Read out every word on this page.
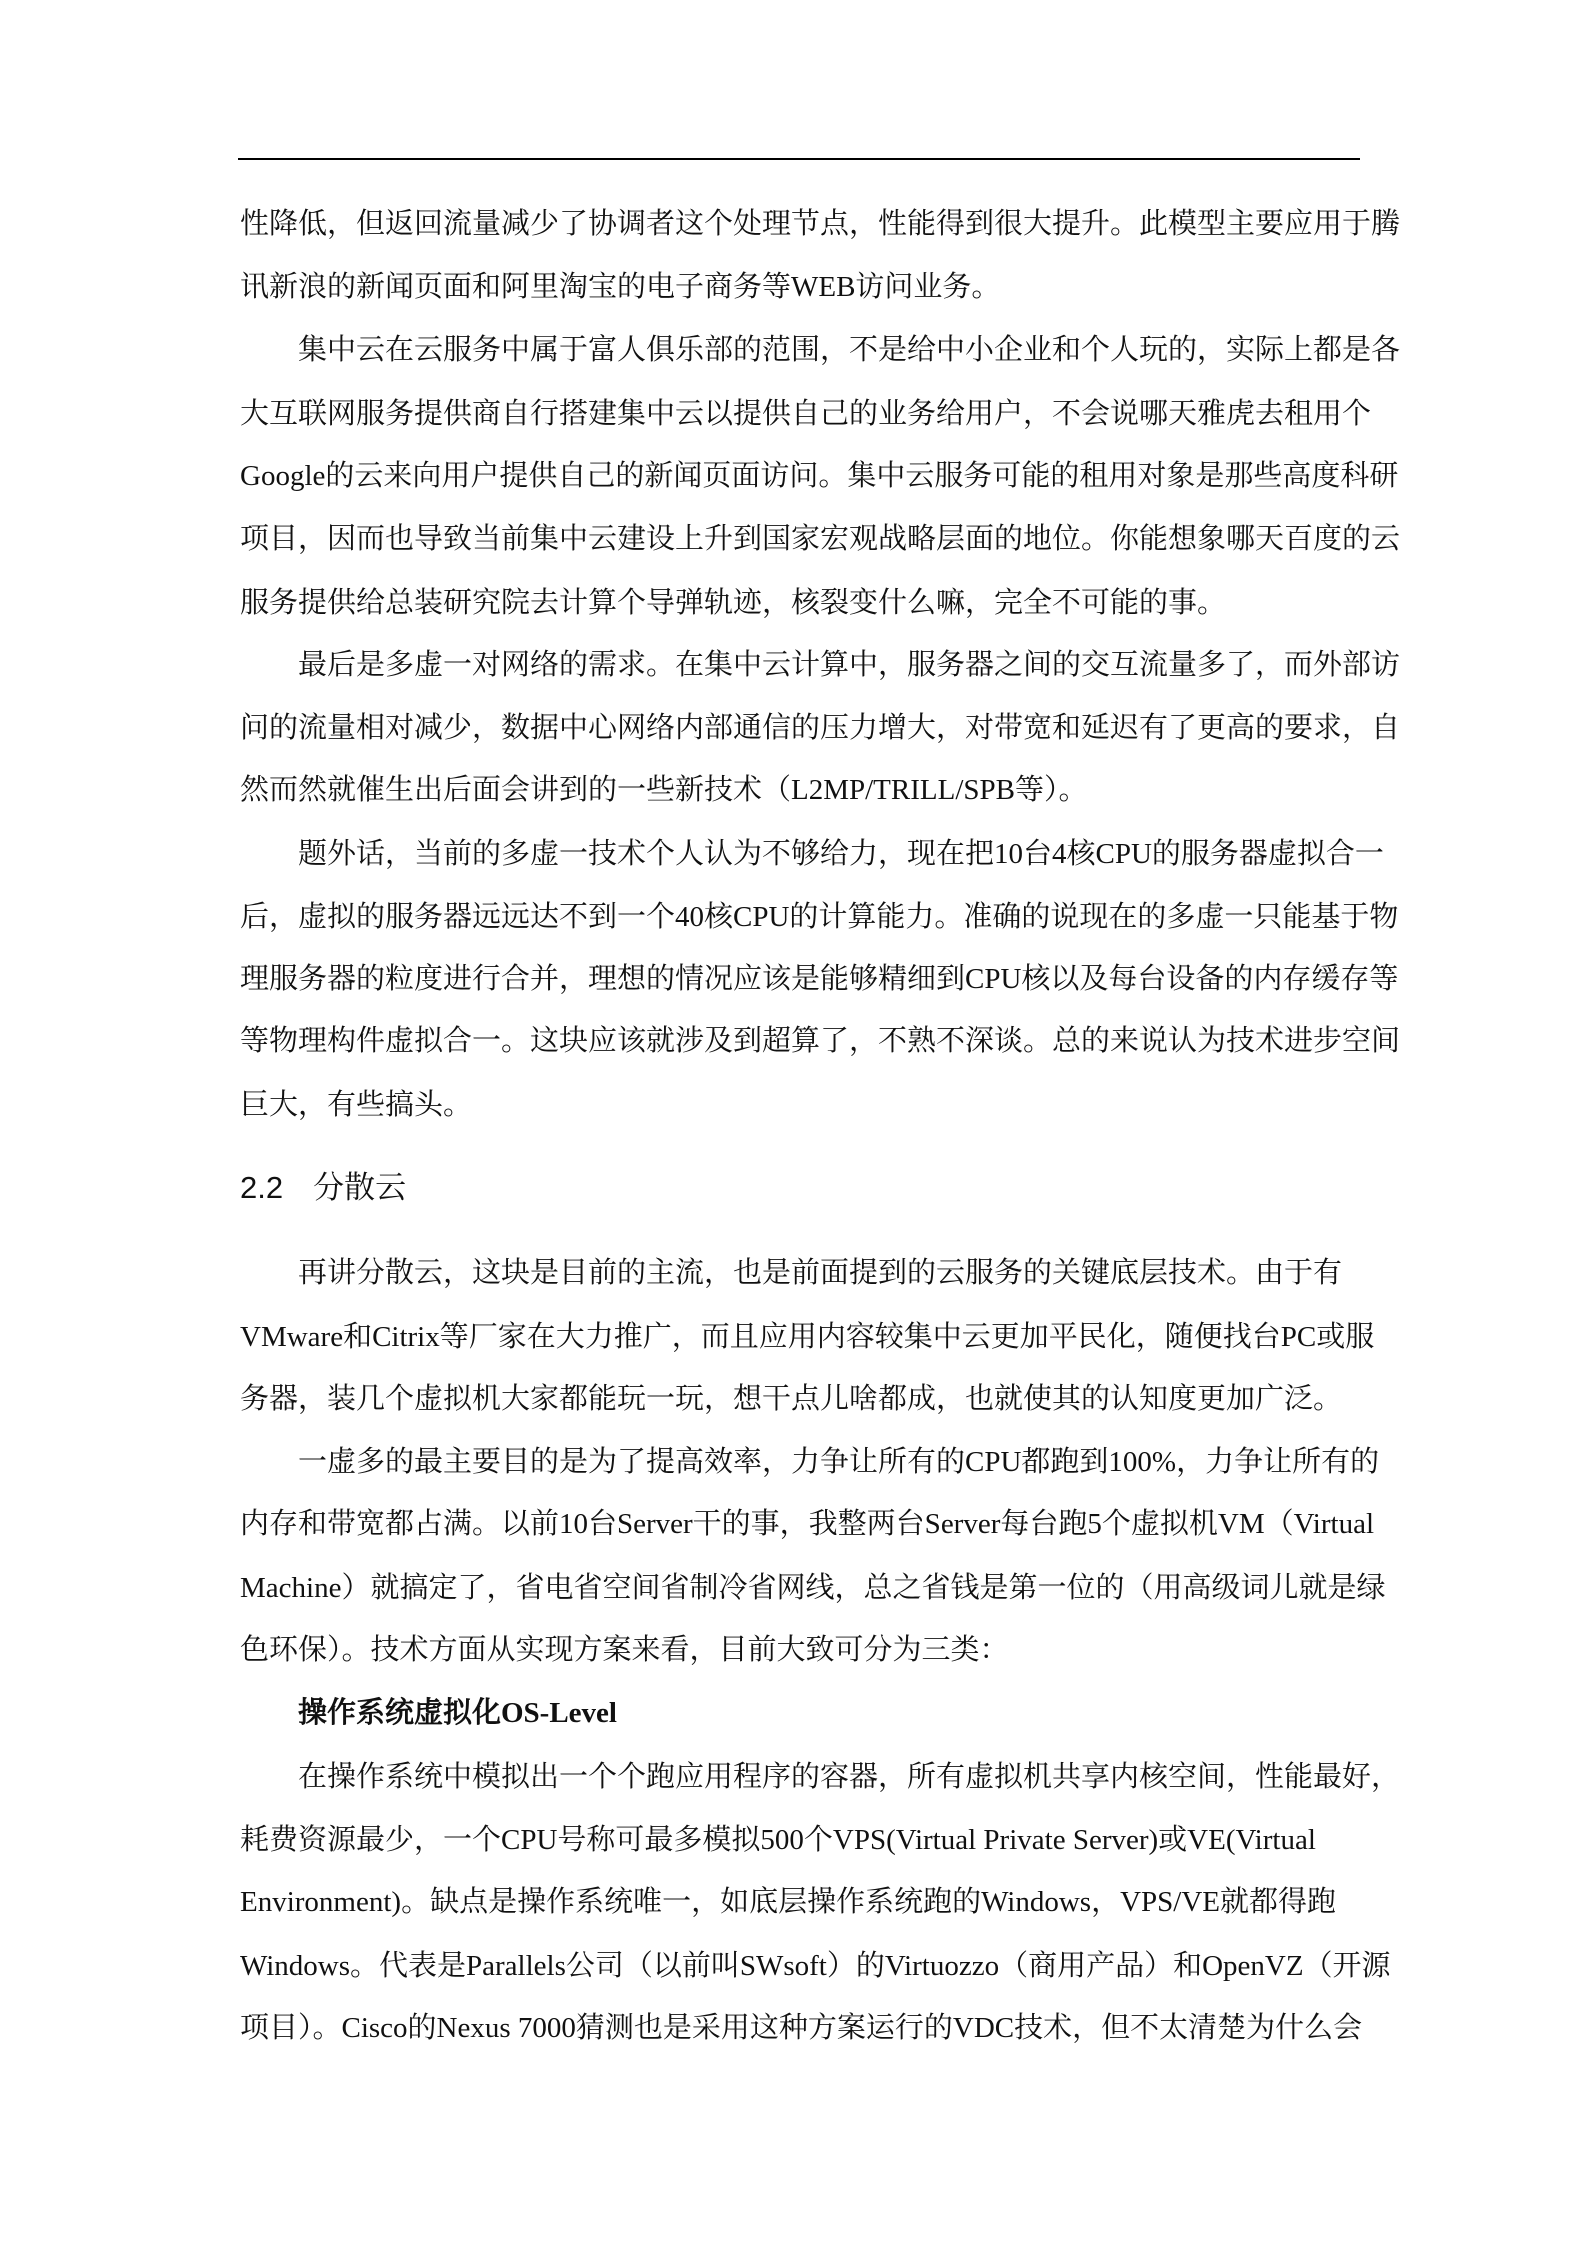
性降低，但返回流量减少了协调者这个处理节点，性能得到很大提升。此模型主要应用于腾
讯新浪的新闻页面和阿里淘宝的电子商务等WEB访问业务。
集中云在云服务中属于富人俱乐部的范围，不是给中小企业和个人玩的，实际上都是各
大互联网服务提供商自行搭建集中云以提供自己的业务给用户，不会说哪天雅虎去租用个
Google的云来向用户提供自己的新闻页面访问。集中云服务可能的租用对象是那些高度科研
项目，因而也导致当前集中云建设上升到国家宏观战略层面的地位。你能想象哪天百度的云
服务提供给总装研究院去计算个导弹轨迹，核裂变什么嘛，完全不可能的事。
最后是多虚一对网络的需求。在集中云计算中，服务器之间的交互流量多了，而外部访
问的流量相对减少，数据中心网络内部通信的压力增大，对带宽和延迟有了更高的要求，自
然而然就催生出后面会讲到的一些新技术（L2MP/TRILL/SPB等）。
题外话，当前的多虚一技术个人认为不够给力，现在把10台4核CPU的服务器虚拟合一
后，虚拟的服务器远远达不到一个40核CPU的计算能力。准确的说现在的多虚一只能基于物
理服务器的粒度进行合并，理想的情况应该是能够精细到CPU核以及每台设备的内存缓存等
等物理构件虚拟合一。这块应该就涉及到超算了，不熟不深谈。总的来说认为技术进步空间
巨大，有些搞头。
2.2 分散云
再讲分散云，这块是目前的主流，也是前面提到的云服务的关键底层技术。由于有
VMware和Citrix等厂家在大力推广，而且应用内容较集中云更加平民化，随便找台PC或服
务器，装几个虚拟机大家都能玩一玩，想干点儿啥都成，也就使其的认知度更加广泛。
一虚多的最主要目的是为了提高效率，力争让所有的CPU都跑到100%，力争让所有的
内存和带宽都占满。以前10台Server干的事，我整两台Server每台跑5个虚拟机VM（Virtual
Machine）就搞定了，省电省空间省制冷省网线，总之省钱是第一位的（用高级词儿就是绿
色环保）。技术方面从实现方案来看，目前大致可分为三类：
操作系统虚拟化OS-Level
在操作系统中模拟出一个个跑应用程序的容器，所有虚拟机共享内核空间，性能最好，
耗费资源最少，一个CPU号称可最多模拟500个VPS(Virtual Private Server)或VE(Virtual
Environment)。缺点是操作系统唯一，如底层操作系统跑的Windows，VPS/VE就都得跑
Windows。代表是Parallels公司（以前叫SWsoft）的Virtuozzo（商用产品）和OpenVZ（开源
项目）。Cisco的Nexus 7000猜测也是采用这种方案运行的VDC技术，但不太清楚为什么会
